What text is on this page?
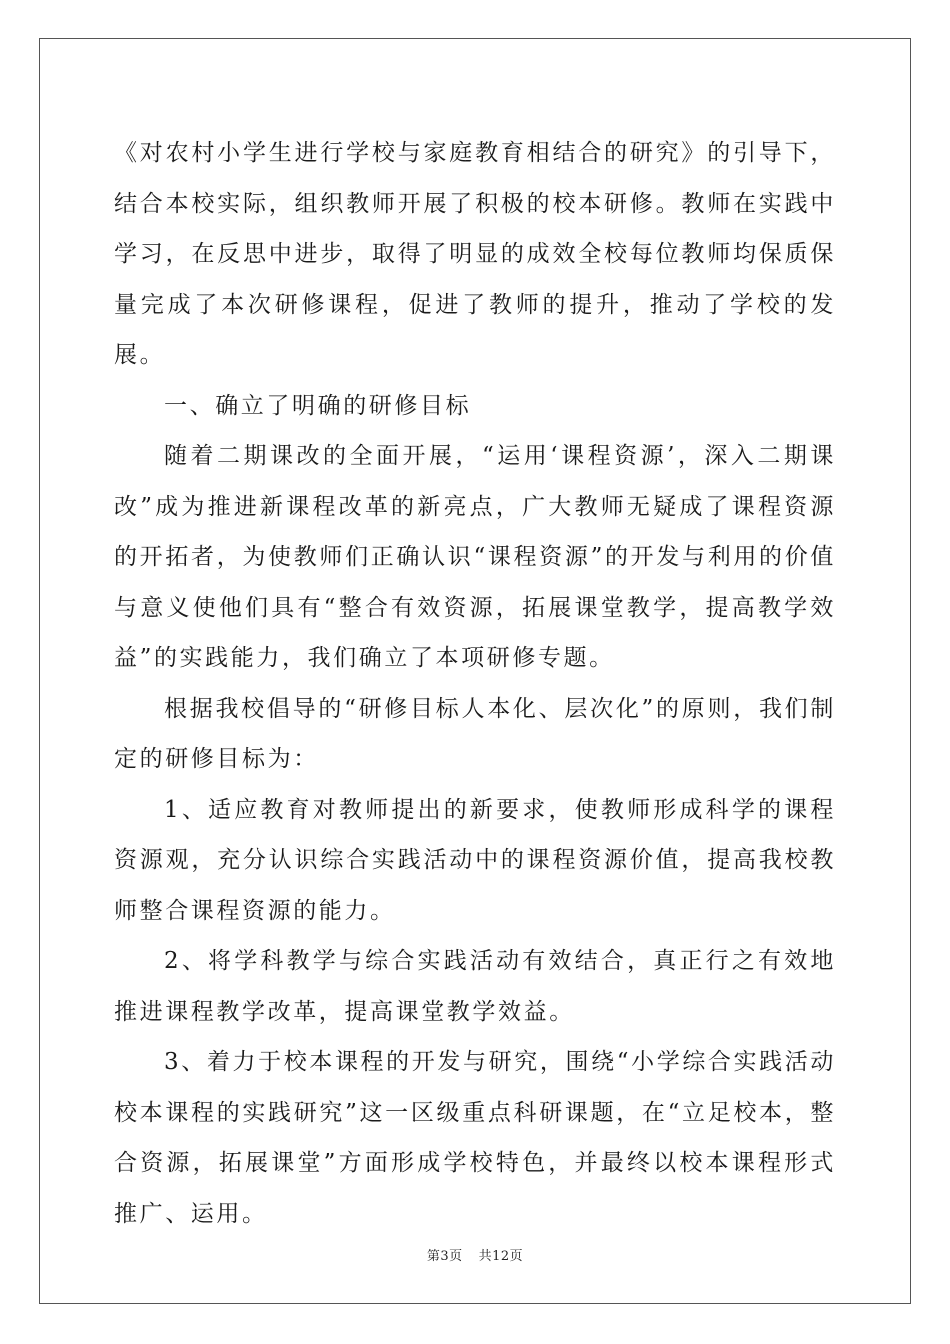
《对农村小学生进行学校与家庭教育相结合的研究》的引导下，结合本校实际，组织教师开展了积极的校本研修。教师在实践中学习，在反思中进步，取得了明显的成效全校每位教师均保质保量完成了本次研修课程，促进了教师的提升，推动了学校的发展。

一、确立了明确的研修目标

随着二期课改的全面开展，“运用‘课程资源’，深入二期课改”成为推进新课程改革的新亮点，广大教师无疑成了课程资源的开拓者，为使教师们正确认识“课程资源”的开发与利用的价值与意义使他们具有“整合有效资源，拓展课堂教学，提高教学效益”的实践能力，我们确立了本项研修专题。

根据我校倡导的“研修目标人本化、层次化”的原则，我们制定的研修目标为：

1、适应教育对教师提出的新要求，使教师形成科学的课程资源观，充分认识综合实践活动中的课程资源价值，提高我校教师整合课程资源的能力。

2、将学科教学与综合实践活动有效结合，真正行之有效地推进课程教学改革，提高课堂教学效益。

3、着力于校本课程的开发与研究，围绕“小学综合实践活动校本课程的实践研究”这一区级重点科研课题，在“立足校本，整合资源，拓展课堂”方面形成学校特色，并最终以校本课程形式推广、运用。

第3页 共12页
